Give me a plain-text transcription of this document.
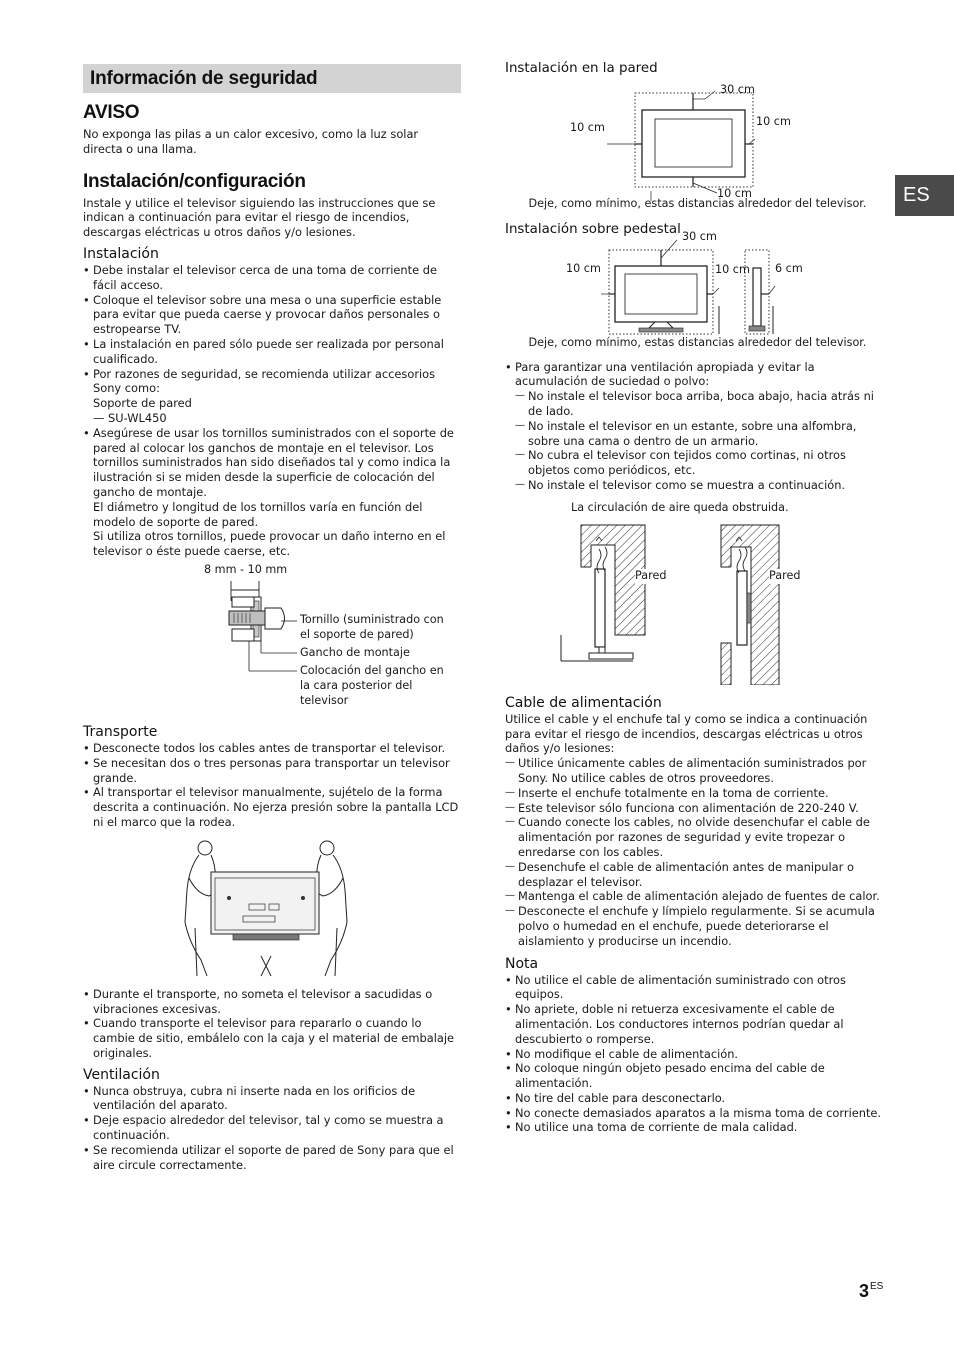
Información de seguridad
AVISO

No exponga las pilas a un calor excesivo, como la luz solar directa o una llama.

Instalación/configuración

Instale y utilice el televisor siguiendo las instrucciones que se indican a continuación para evitar el riesgo de incendios, descargas eléctricas u otros daños y/o lesiones.

Instalación
• Debe instalar el televisor cerca de una toma de corriente de fácil acceso.
• Coloque el televisor sobre una mesa o una superficie estable para evitar que pueda caerse y provocar daños personales o estropearse TV.
• La instalación en pared sólo puede ser realizada por personal cualificado.
• Por razones de seguridad, se recomienda utilizar accesorios Sony como:
Soporte de pared
— SU-WL450
• Asegúrese de usar los tornillos suministrados con el soporte de pared al colocar los ganchos de montaje en el televisor. Los tornillos suministrados han sido diseñados tal y como indica la ilustración si se miden desde la superficie de colocación del gancho de montaje.
El diámetro y longitud de los tornillos varía en función del modelo de soporte de pared.
Si utiliza otros tornillos, puede provocar un daño interno en el televisor o éste puede caerse, etc.
8 mm - 10 mm
Tornillo (suministrado con el soporte de pared)
Gancho de montaje
Colocación del gancho en la cara posterior del televisor
Transporte
• Desconecte todos los cables antes de transportar el televisor.
• Se necesitan dos o tres personas para transportar un televisor grande.
• Al transportar el televisor manualmente, sujételo de la forma descrita a continuación. No ejerza presión sobre la pantalla LCD ni el marco que la rodea.
• Durante el transporte, no someta el televisor a sacudidas o vibraciones excesivas.
• Cuando transporte el televisor para repararlo o cuando lo cambie de sitio, embálelo con la caja y el material de embalaje originales.
Ventilación
• Nunca obstruya, cubra ni inserte nada en los orificios de ventilación del aparato.
• Deje espacio alrededor del televisor, tal y como se muestra a continuación.
• Se recomienda utilizar el soporte de pared de Sony para que el aire circule correctamente.
Instalación en la pared
30 cm
10 cm	10 cm
10 cm
Deje, como mínimo, estas distancias alrededor del televisor.
Instalación sobre pedestal 30 cm
10 cm	10 cm 6 cm
Deje, como mínimo, estas distancias alrededor del televisor.
• Para garantizar una ventilación apropiada y evitar la acumulación de suciedad o polvo:
— No instale el televisor boca arriba, boca abajo, hacia atrás ni de lado.
— No instale el televisor en un estante, sobre una alfombra, sobre una cama o dentro de un armario.
— No cubra el televisor con tejidos como cortinas, ni otros objetos como periódicos, etc.
— No instale el televisor como se muestra a continuación.
La circulación de aire queda obstruida.
Pared	Pared
Cable de alimentación

Utilice el cable y el enchufe tal y como se indica a continuación para evitar el riesgo de incendios, descargas eléctricas u otros daños y/o lesiones:

— Utilice únicamente cables de alimentación suministrados por Sony. No utilice cables de otros proveedores.
— Inserte el enchufe totalmente en la toma de corriente.
— Este televisor sólo funciona con alimentación de 220-240 V.
— Cuando conecte los cables, no olvide desenchufar el cable de alimentación por razones de seguridad y evite tropezar o enredarse con los cables.
— Desenchufe el cable de alimentación antes de manipular o desplazar el televisor.
— Mantenga el cable de alimentación alejado de fuentes de calor.
— Desconecte el enchufe y límpielo regularmente. Si se acumula polvo o humedad en el enchufe, puede deteriorarse el aislamiento y producirse un incendio.
Nota
• No utilice el cable de alimentación suministrado con otros equipos.
• No apriete, doble ni retuerza excesivamente el cable de alimentación. Los conductores internos podrían quedar al descubierto o romperse.
• No modifique el cable de alimentación.
• No coloque ningún objeto pesado encima del cable de alimentación.
• No tire del cable para desconectarlo.
• No conecte demasiados aparatos a la misma toma de corriente.
• No utilice una toma de corriente de mala calidad.
ES
$3^{ES}$
